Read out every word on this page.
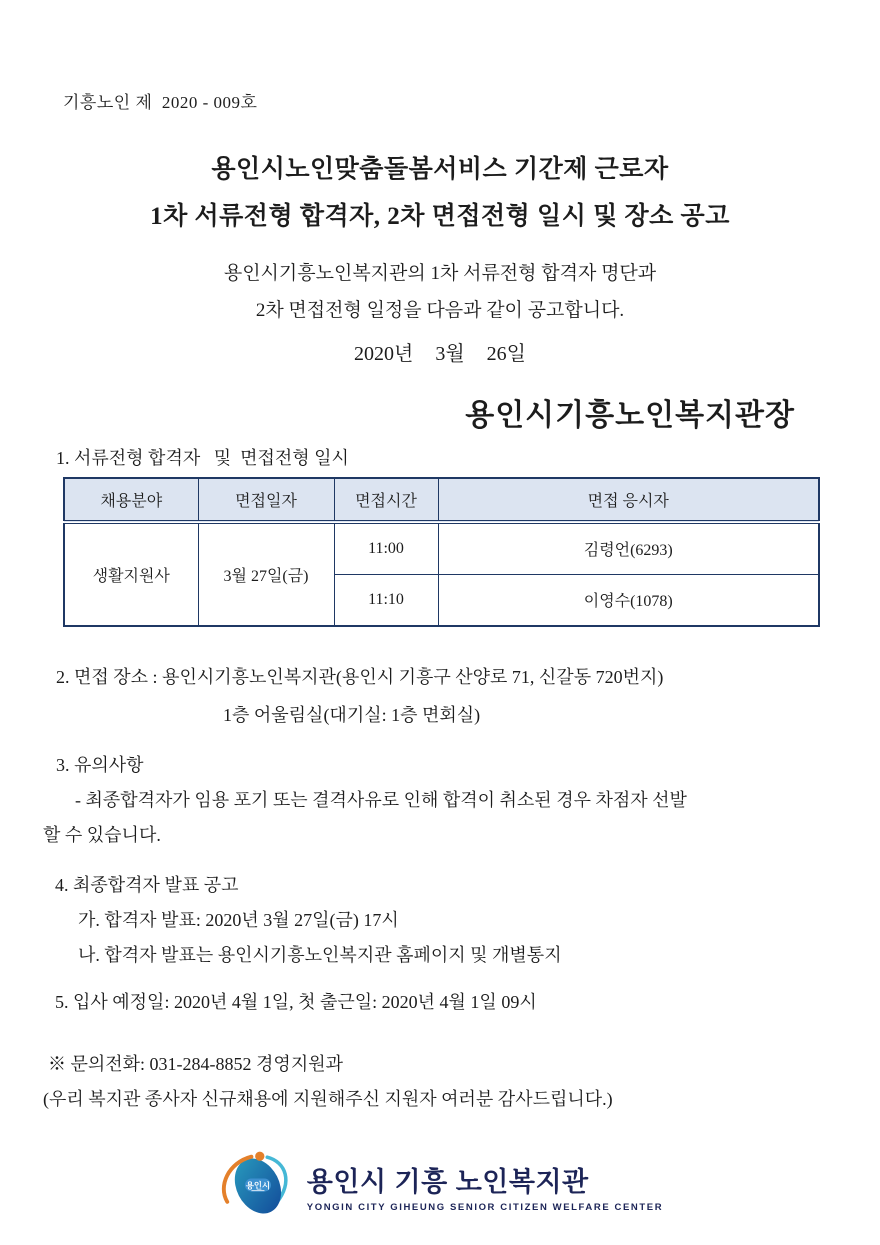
기흥노인 제  2020 - 009호
용인시노인맞춤돌봄서비스 기간제 근로자
1차 서류전형 합격자, 2차 면접전형 일시 및 장소 공고
용인시기흥노인복지관의 1차 서류전형 합격자 명단과
2차 면접전형 일정을 다음과 같이 공고합니다.
2020년  3월  26일
용인시기흥노인복지관장
1. 서류전형 합격자   및  면접전형 일시
채용분야	면접일자	면접시간	면접 응시자
생활지원사	3월 27일(금)	11:00	김령언(6293)
		11:10	이영수(1078)
2. 면접 장소 : 용인시기흥노인복지관(용인시 기흥구 산양로 71, 신갈동 720번지)
1층 어울림실(대기실: 1층 면회실)
3. 유의사항
- 최종합격자가 임용 포기 또는 결격사유로 인해 합격이 취소된 경우 차점자 선발
할 수 있습니다.
4. 최종합격자 발표 공고
가. 합격자 발표: 2020년 3월 27일(금) 17시
나. 합격자 발표는 용인시기흥노인복지관 홈페이지 및 개별통지
5. 입사 예정일: 2020년 4월 1일, 첫 출근일: 2020년 4월 1일 09시
※ 문의전화: 031-284-8852 경영지원과
(우리 복지관 종사자 신규채용에 지원해주신 지원자 여러분 감사드립니다.)
용인시 용인시 기흥 노인복지관
YONGIN CITY GIHEUNG SENIOR CITIZEN WELFARE CENTER
